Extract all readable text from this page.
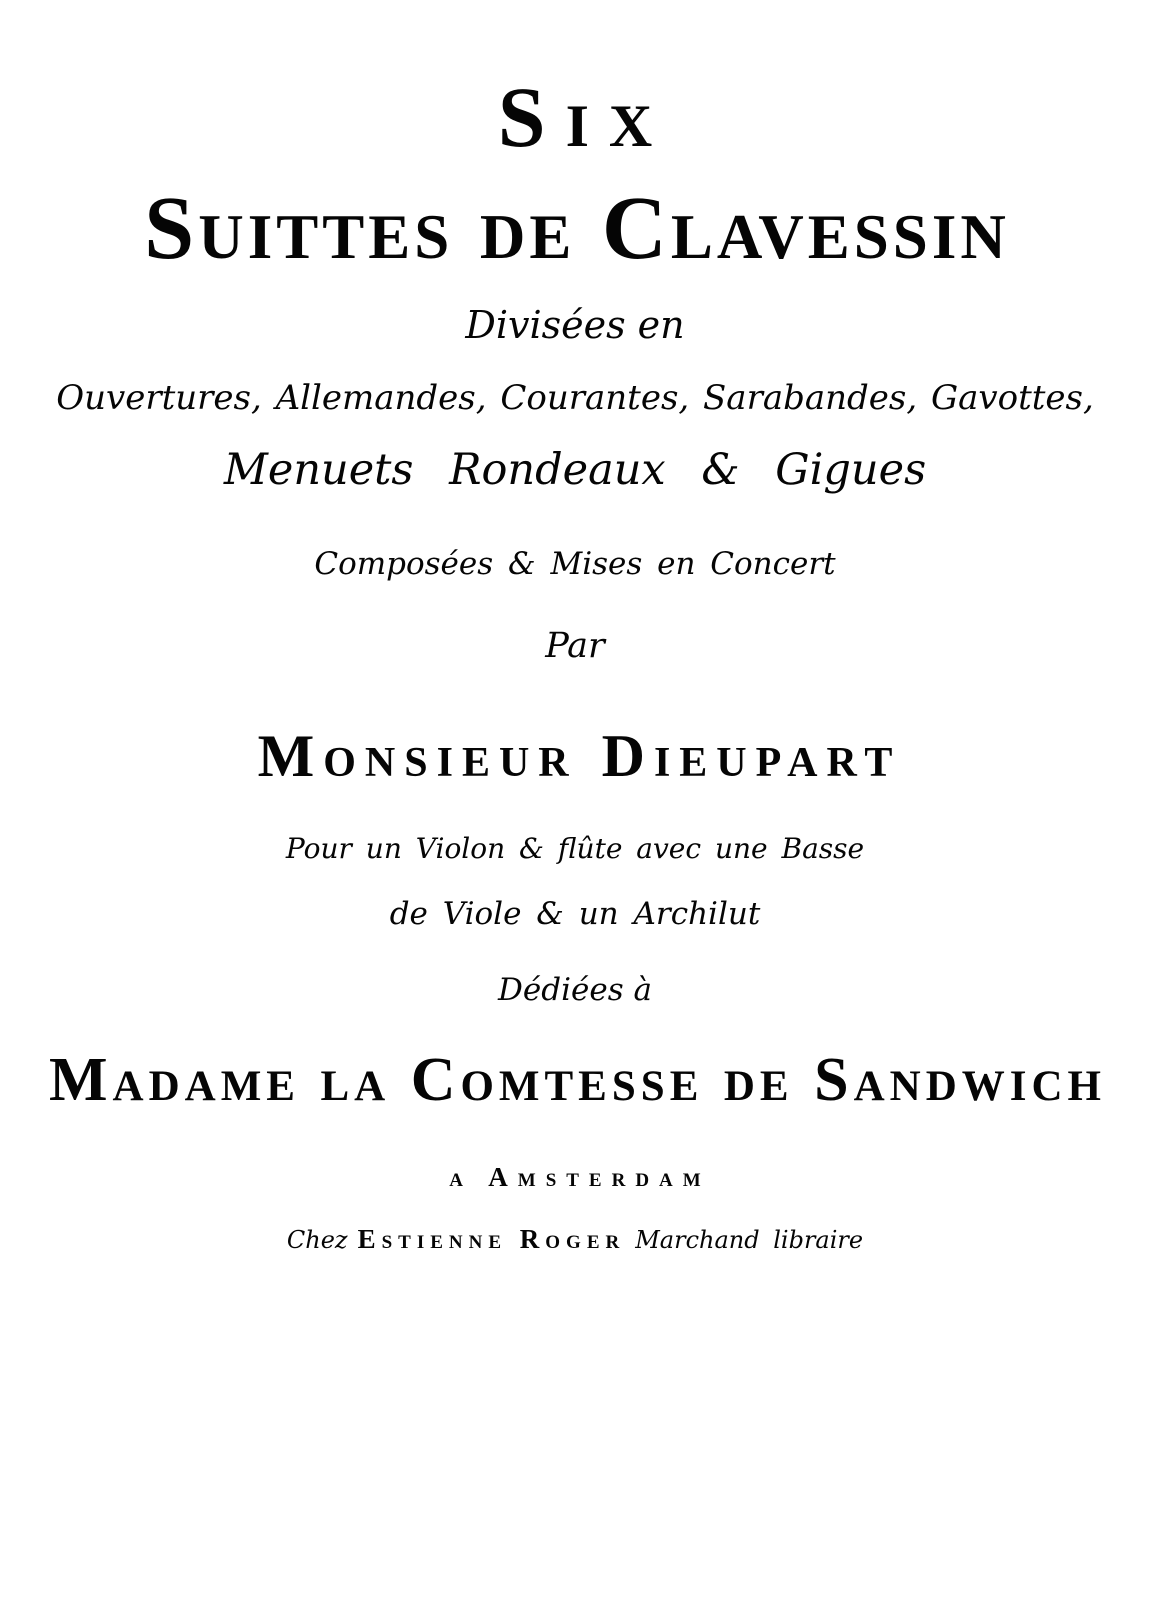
Six
Suittes de Clavessin
Divisées en
Ouvertures, Allemandes, Courantes, Sarabandes, Gavottes,
Menuets Rondeaux & Gigues
Composées & Mises en Concert
Par
Monsieur Dieupart
Pour un Violon & flûte avec une Basse
de Viole & un Archilut
Dédiées à
Madame la Comtesse de Sandwich
a Amsterdam
Chez Estienne Roger Marchand libraire
